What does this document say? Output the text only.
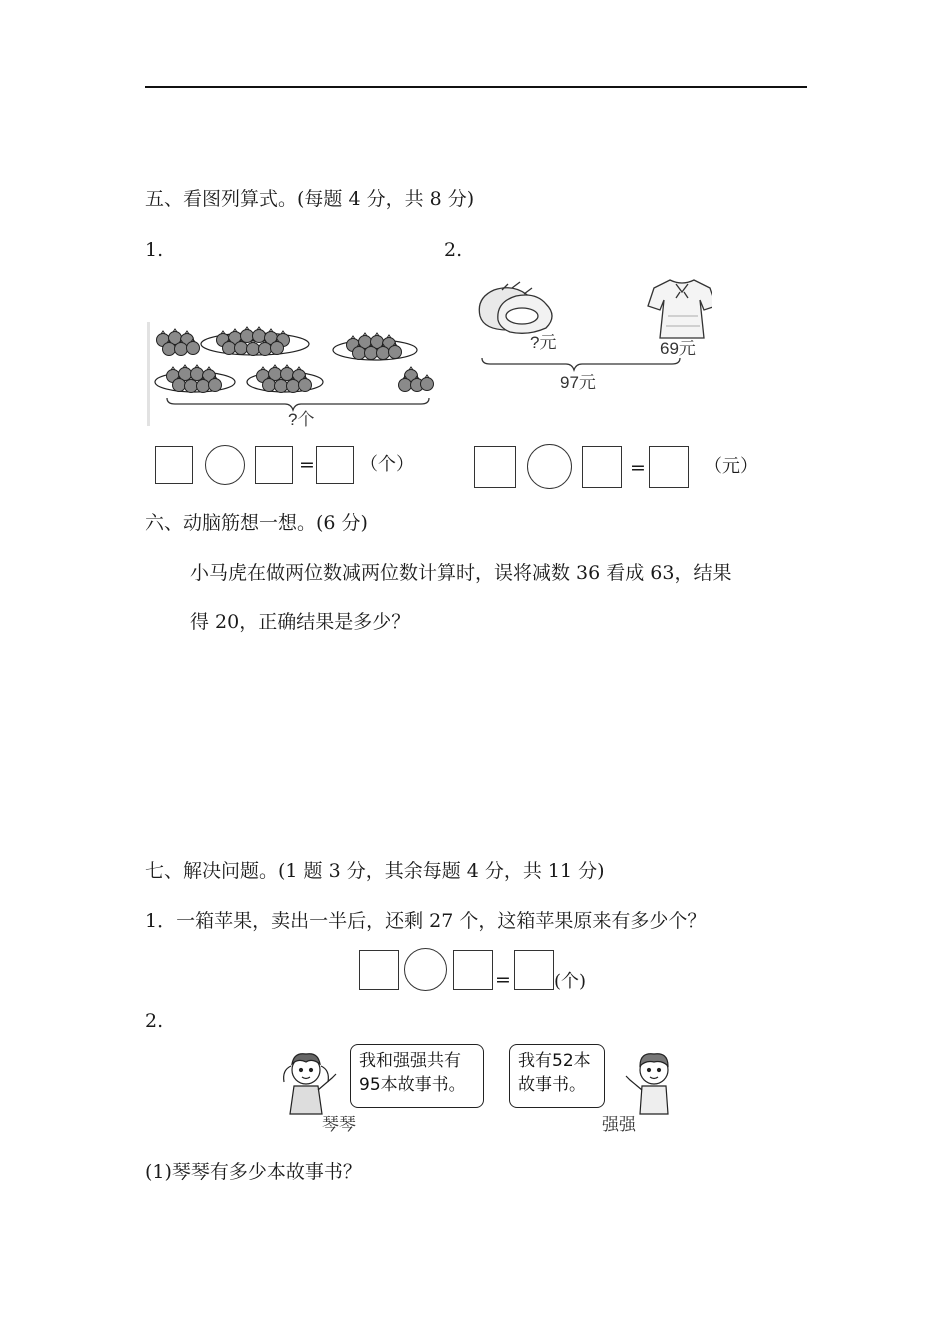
五、看图列算式。(每题 4 分，共 8 分)
1.	2.
?个
=	（个）
?元	69元
97元
=	（元）
六、动脑筋想一想。(6 分)
小马虎在做两位数减两位数计算时，误将减数 36 看成 63，结果
得 20，正确结果是多少？
七、解决问题。(1 题 3 分，其余每题 4 分，共 11 分)
1．一箱苹果，卖出一半后，还剩 27 个，这箱苹果原来有多少个？
= (个)
2.
我和强强共有
95本故事书。
琴琴
我有52本
故事书。
强强
(1)琴琴有多少本故事书？
